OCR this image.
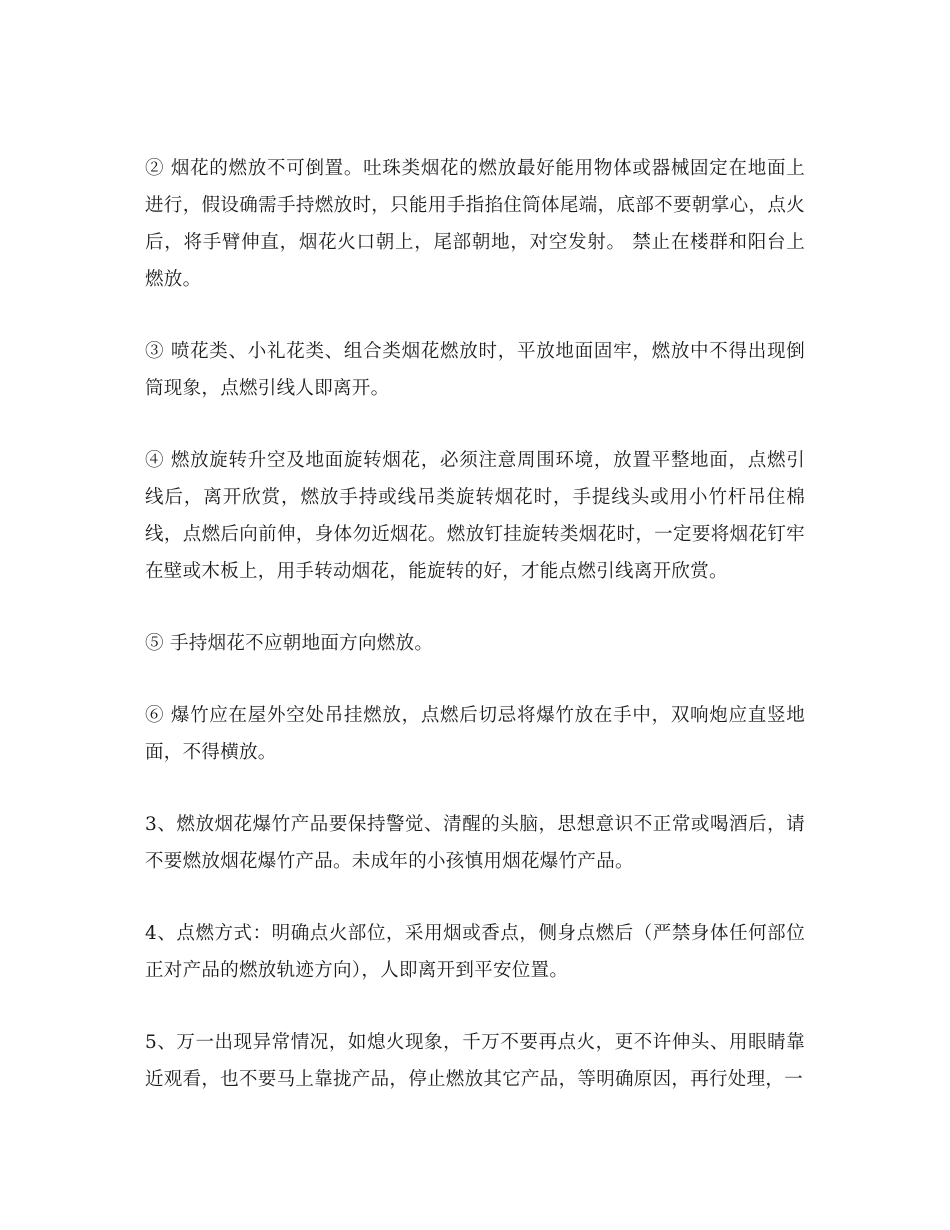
② 烟花的燃放不可倒置。吐珠类烟花的燃放最好能用物体或器械固定在地面上进行，假设确需手持燃放时，只能用手指掐住筒体尾端，底部不要朝掌心，点火后，将手臂伸直，烟花火口朝上，尾部朝地，对空发射。 禁止在楼群和阳台上燃放。

③ 喷花类、小礼花类、组合类烟花燃放时，平放地面固牢，燃放中不得出现倒筒现象，点燃引线人即离开。

④ 燃放旋转升空及地面旋转烟花，必须注意周围环境，放置平整地面，点燃引线后，离开欣赏，燃放手持或线吊类旋转烟花时，手提线头或用小竹杆吊住棉线，点燃后向前伸，身体勿近烟花。燃放钉挂旋转类烟花时，一定要将烟花钉牢在壁或木板上，用手转动烟花，能旋转的好，才能点燃引线离开欣赏。

⑤ 手持烟花不应朝地面方向燃放。

⑥ 爆竹应在屋外空处吊挂燃放，点燃后切忌将爆竹放在手中，双响炮应直竖地面，不得横放。

3、燃放烟花爆竹产品要保持警觉、清醒的头脑，思想意识不正常或喝酒后，请不要燃放烟花爆竹产品。未成年的小孩慎用烟花爆竹产品。

4、点燃方式：明确点火部位，采用烟或香点，侧身点燃后（严禁身体任何部位正对产品的燃放轨迹方向），人即离开到平安位置。

5、万一出现异常情况，如熄火现象，千万不要再点火，更不许伸头、用眼睛靠近观看，也不要马上靠拢产品，停止燃放其它产品，等明确原因，再行处理，一
